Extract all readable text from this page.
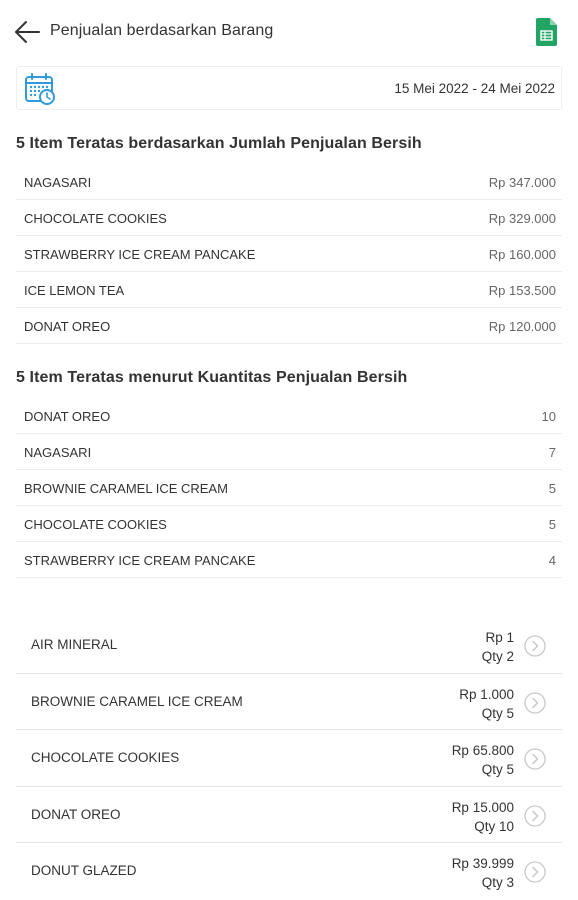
Penjualan berdasarkan Barang
15 Mei 2022 - 24 Mei 2022
5 Item Teratas berdasarkan Jumlah Penjualan Bersih
NAGASARI	Rp 347.000
CHOCOLATE COOKIES	Rp 329.000
STRAWBERRY ICE CREAM PANCAKE	Rp 160.000
ICE LEMON TEA	Rp 153.500
DONAT OREO	Rp 120.000
5 Item Teratas menurut Kuantitas Penjualan Bersih
DONAT OREO	10
NAGASARI	7
BROWNIE CARAMEL ICE CREAM	5
CHOCOLATE COOKIES	5
STRAWBERRY ICE CREAM PANCAKE	4
AIR MINERAL	Rp 1
Qty 2
BROWNIE CARAMEL ICE CREAM	Rp 1.000
Qty 5
CHOCOLATE COOKIES	Rp 65.800
Qty 5
DONAT OREO	Rp 15.000
Qty 10
DONUT GLAZED	Rp 39.999
Qty 3
